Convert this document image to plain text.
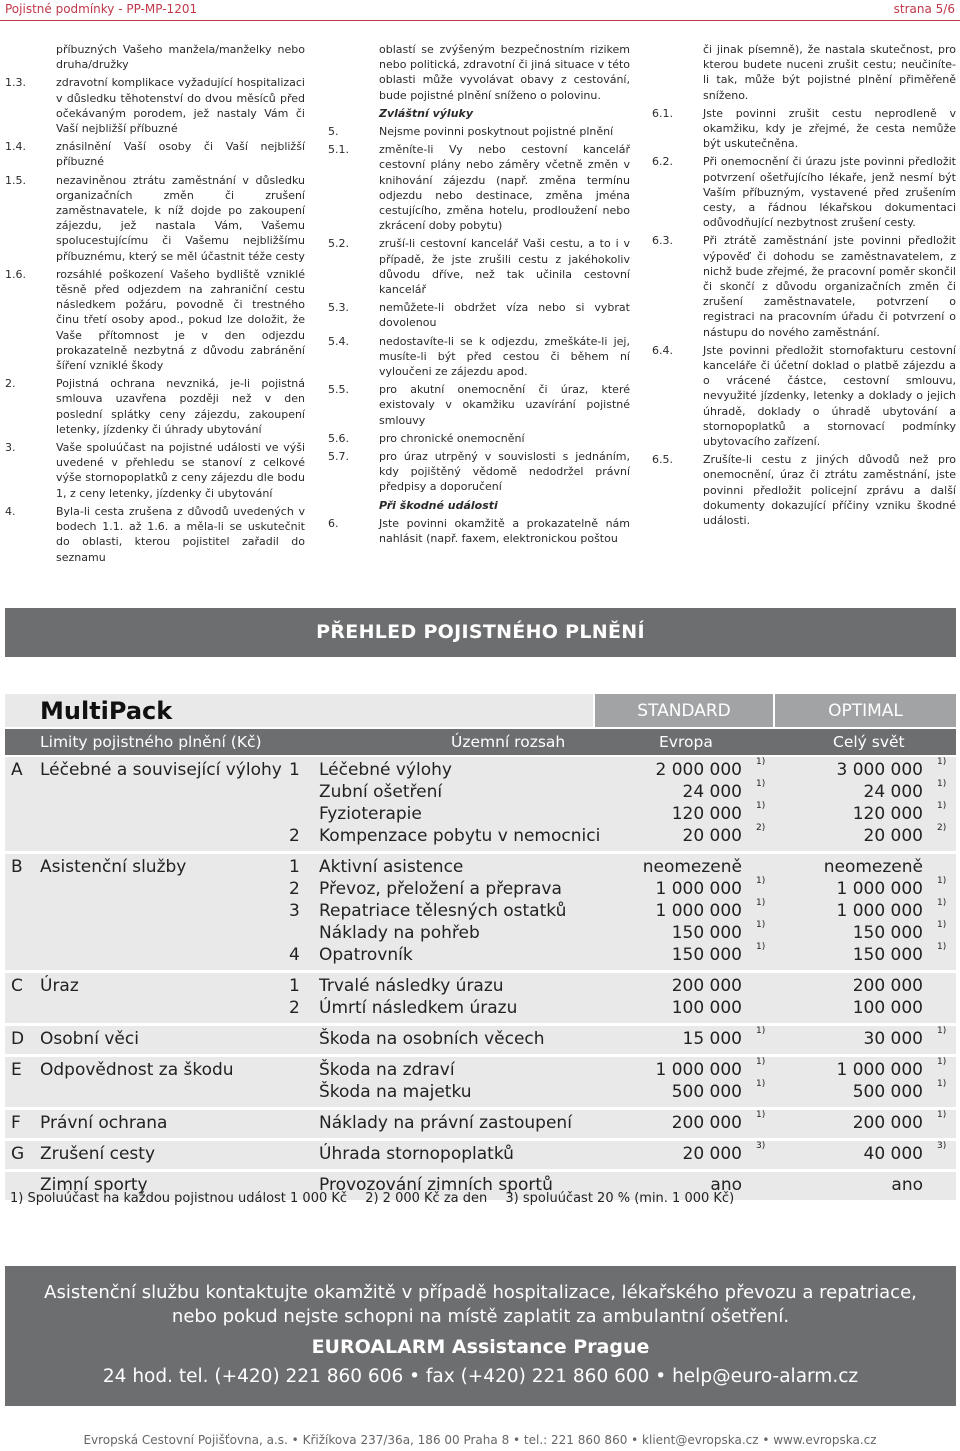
Pojistné podmínky - PP-MP-1201	strana 5/6
příbuzných Vašeho manžela/manželky nebo druha/družky
1.3.	zdravotní komplikace vyžadující hospitalizaci v důsledku těhotenství do dvou měsíců před očekávaným porodem, jež nastaly Vám či Vaší nejbližší příbuzné
1.4.	znásilnění Vaší osoby či Vaší nejbližší příbuzné
1.5.	nezaviněnou ztrátu zaměstnání v důsledku organizačních změn či zrušení zaměstnavatele, k níž dojde po zakoupení zájezdu, jež nastala Vám, Vašemu spolucestujícímu či Vašemu nejbližšímu příbuznému, který se měl účastnit téže cesty
1.6.	rozsáhlé poškození Vašeho bydliště vzniklé těsně před odjezdem na zahraniční cestu následkem požáru, povodně či trestného činu třetí osoby apod., pokud lze doložit, že Vaše přítomnost je v den odjezdu prokazatelně nezbytná z důvodu zabránění šíření vzniklé škody
2.	Pojistná ochrana nevzniká, je-li pojistná smlouva uzavřena později než v den poslední splátky ceny zájezdu, zakoupení letenky, jízdenky či úhrady ubytování
3.	Vaše spoluúčast na pojistné události ve výši uvedené v přehledu se stanoví z celkové výše stornopoplatků z ceny zájezdu dle bodu 1, z ceny letenky, jízdenky či ubytování
4.	Byla-li cesta zrušena z důvodů uvedených v bodech 1.1. až 1.6. a měla-li se uskutečnit do oblasti, kterou pojistitel zařadil do seznamu
oblastí se zvýšeným bezpečnostním rizikem nebo politická, zdravotní či jiná situace v této oblasti může vyvolávat obavy z cestování, bude pojistné plnění sníženo o polovinu.
Zvláštní výluky
5.	Nejsme povinni poskytnout pojistné plnění
5.1.	změníte-li Vy nebo cestovní kancelář cestovní plány nebo záměry včetně změn v knihování zájezdu (např. změna termínu odjezdu nebo destinace, změna jména cestujícího, změna hotelu, prodloužení nebo zkrácení doby pobytu)
5.2.	zruší-li cestovní kancelář Vaši cestu, a to i v případě, že jste zrušili cestu z jakéhokoliv důvodu dříve, než tak učinila cestovní kancelář
5.3.	nemůžete-li obdržet víza nebo si vybrat dovolenou
5.4.	nedostavíte-li se k odjezdu, zmeškáte-li jej, musíte-li být před cestou či během ní vyloučeni ze zájezdu apod.
5.5.	pro akutní onemocnění či úraz, které existovaly v okamžiku uzavírání pojistné smlouvy
5.6.	pro chronické onemocnění
5.7.	pro úraz utrpěný v souvislosti s jednáním, kdy pojištěný vědomě nedodržel právní předpisy a doporučení
Při škodné události
6.	Jste povinni okamžitě a prokazatelně nám nahlásit (např. faxem, elektronickou poštou
či jinak písemně), že nastala skutečnost, pro kterou budete nuceni zrušit cestu; neučiníte-li tak, může být pojistné plnění přiměřeně sníženo.
6.1.	Jste povinni zrušit cestu neprodleně v okamžiku, kdy je zřejmé, že cesta nemůže být uskutečněna.
6.2.	Při onemocnění či úrazu jste povinni předložit potvrzení ošetřujícího lékaře, jenž nesmí být Vaším příbuzným, vystavené před zrušením cesty, a řádnou lékařskou dokumentaci odůvodňující nezbytnost zrušení cesty.
6.3.	Při ztrátě zaměstnání jste povinni předložit výpověď či dohodu se zaměstnavatelem, z nichž bude zřejmé, že pracovní poměr skončil či skončí z důvodu organizačních změn či zrušení zaměstnavatele, potvrzení o registraci na pracovním úřadu či potvrzení o nástupu do nového zaměstnání.
6.4.	Jste povinni předložit stornofakturu cestovní kanceláře či účetní doklad o platbě zájezdu a o vrácené částce, cestovní smlouvu, nevyužité jízdenky, letenky a doklady o jejich úhradě, doklady o úhradě ubytování a stornopoplatků a stornovací podmínky ubytovacího zařízení.
6.5.	Zrušíte-li cestu z jiných důvodů než pro onemocnění, úraz či ztrátu zaměstnání, jste povinni předložit policejní zprávu a další dokumenty dokazující příčiny vzniku škodné události.
PŘEHLED POJISTNÉHO PLNĚNÍ
MultiPack	STANDARD	OPTIMAL
Limity pojistného plnění (Kč)	Územní rozsah	Evropa	Celý svět
A Léčebné a související výlohy 1 Léčebné výlohy	2 000 000 1)	3 000 000 1)
Zubní ošetření	24 000 1)	24 000 1)
Fyzioterapie	120 000 1)	120 000 1)
2 Kompenzace pobytu v nemocnici	20 000 2)	20 000 2)
B Asistenční služby	1 Aktivní asistence	neomezeně	neomezeně
2 Převoz, přeložení a přeprava	1 000 000 1)	1 000 000 1)
3 Repatriace tělesných ostatků	1 000 000 1)	1 000 000 1)
Náklady na pohřeb	150 000 1)	150 000 1)
4 Opatrovník	150 000 1)	150 000 1)
C Úraz	1 Trvalé následky úrazu	200 000	200 000
2 Úmrtí následkem úrazu	100 000	100 000
D Osobní věci	Škoda na osobních věcech	15 000 1)	30 000 1)
E Odpovědnost za škodu	Škoda na zdraví	1 000 000 1)	1 000 000 1)
Škoda na majetku	500 000 1)	500 000 1)
F Právní ochrana	Náklady na právní zastoupení	200 000 1)	200 000 1)
G Zrušení cesty	Úhrada stornopoplatků	20 000 3)	40 000 3)
Zimní sporty	Provozování zimních sportů	ano	ano
1) Spoluúčast na každou pojistnou událost 1 000 Kč 2) 2 000 Kč za den 3) spoluúčast 20 % (min. 1 000 Kč)
Asistenční službu kontaktujte okamžitě v případě hospitalizace, lékařského převozu a repatriace,
nebo pokud nejste schopni na místě zaplatit za ambulantní ošetření.
EUROALARM Assistance Prague
24 hod. tel. (+420) 221 860 606 • fax (+420) 221 860 600 • help@euro-alarm.cz
Evropská Cestovní Pojišťovna, a.s. • Křižíkova 237/36a, 186 00 Praha 8 • tel.: 221 860 860 • klient@evropska.cz • www.evropska.cz
